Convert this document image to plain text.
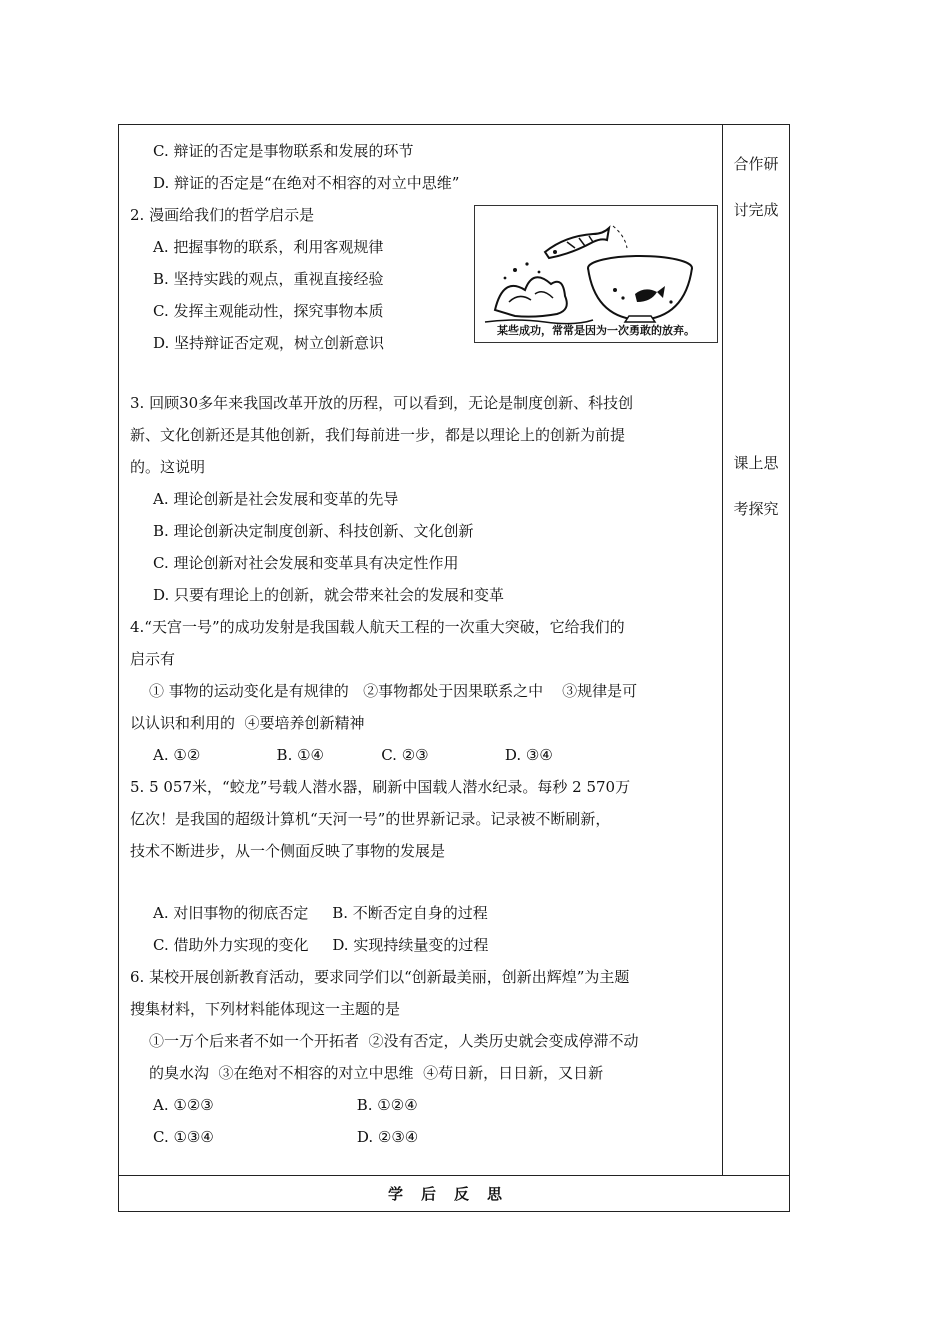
合作研
讨完成
课上思
考探究
C. 辩证的否定是事物联系和发展的环节
D. 辩证的否定是“在绝对不相容的对立中思维”
2. 漫画给我们的哲学启示是
A. 把握事物的联系，利用客观规律
B. 坚持实践的观点，重视直接经验
C. 发挥主观能动性，探究事物本质
D. 坚持辩证否定观，树立创新意识
某些成功，常常是因为一次勇敢的放弃。
3. 回顾30多年来我国改革开放的历程，可以看到，无论是制度创新、科技创
新、文化创新还是其他创新，我们每前进一步，都是以理论上的创新为前提
的。这说明
A. 理论创新是社会发展和变革的先导
B. 理论创新决定制度创新、科技创新、文化创新
C. 理论创新对社会发展和变革具有决定性作用
D. 只要有理论上的创新，就会带来社会的发展和变革
4.“天宫一号”的成功发射是我国载人航天工程的一次重大突破，它给我们的
启示有
① 事物的运动变化是有规律的   ②事物都处于因果联系之中    ③规律是可
以认识和利用的  ④要培养创新精神
A. ①②                B. ①④            C. ②③                D. ③④
5. 5 057米，“蛟龙”号载人潜水器，刷新中国载人潜水纪录。每秒 2 570万
亿次！是我国的超级计算机“天河一号”的世界新记录。记录被不断刷新，
技术不断进步，从一个侧面反映了事物的发展是
A. 对旧事物的彻底否定     B. 不断否定自身的过程
C. 借助外力实现的变化     D. 实现持续量变的过程
6. 某校开展创新教育活动，要求同学们以“创新最美丽，创新出辉煌”为主题
搜集材料，下列材料能体现这一主题的是
①一万个后来者不如一个开拓者  ②没有否定，人类历史就会变成停滞不动
的臭水沟  ③在绝对不相容的对立中思维  ④苟日新，日日新，又日新
A. ①②③                              B. ①②④
C. ①③④                              D. ②③④
学后反思
